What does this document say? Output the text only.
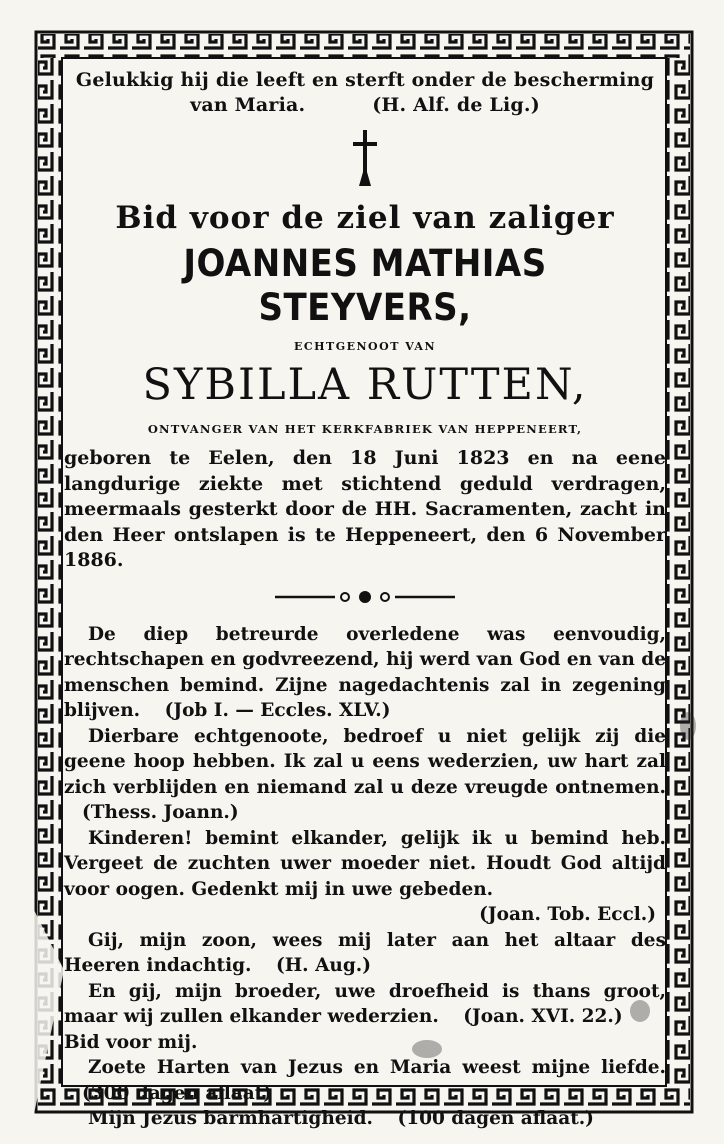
Gelukkig hij die leeft en sterft onder de bescherming
van Maria.	(H. Alf. de Lig.)

Bid voor de ziel van zaliger

JOANNES MATHIAS STEYVERS,

ECHTGENOOT VAN

SYBILLA RUTTEN,

ONTVANGER VAN HET KERKFABRIEK VAN HEPPENEERT,

geboren te Eelen, den 18 Juni 1823 en na eene langdurige ziekte met stichtend geduld verdragen, meermaals gesterkt door de HH. Sacramenten, zacht in den Heer ontslapen is te Heppeneert, den 6 November 1886.

De diep betreurde overledene was eenvoudig, rechtschapen en godvreezend, hij werd van God en van de menschen bemind. Zijne nagedachtenis zal in zegening blijven. (Job I. — Eccles. XLV.)

Dierbare echtgenoote, bedroef u niet gelijk zij die geene hoop hebben. Ik zal u eens wederzien, uw hart zal zich verblijden en niemand zal u deze vreugde ontnemen. (Thess. Joann.)

Kinderen! bemint elkander, gelijk ik u bemind heb. Vergeet de zuchten uwer moeder niet. Houdt God altijd voor oogen. Gedenkt mij in uwe gebeden.

(Joan. Tob. Eccl.)

Gij, mijn zoon, wees mij later aan het altaar des Heeren indachtig. (H. Aug.)

En gij, mijn broeder, uwe droefheid is thans groot, maar wij zullen elkander wederzien. (Joan. XVI. 22.)

Bid voor mij.

Zoete Harten van Jezus en Maria weest mijne liefde. (300 dagen aflaat)

Mijn Jezus barmhartigheid. (100 dagen aflaat.)
